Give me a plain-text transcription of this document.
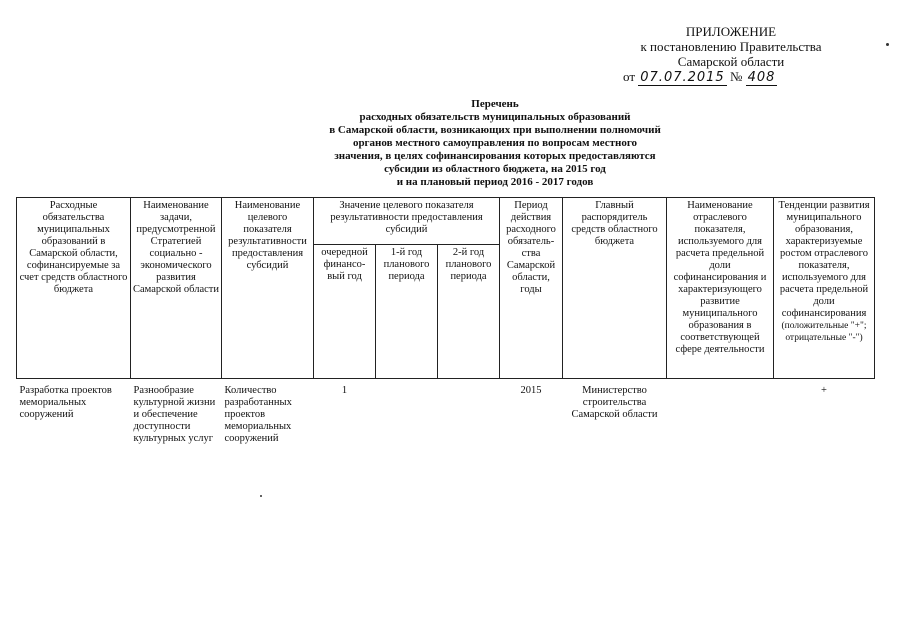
ПРИЛОЖЕНИЕ
к постановлению Правительства
Самарской области
от 07.07.2015 № 408
Перечень
расходных обязательств муниципальных образований
в Самарской области, возникающих при выполнении полномочий
органов местного самоуправления по вопросам местного
значения, в целях софинансирования которых предоставляются
субсидии из областного бюджета, на 2015 год
и на плановый период 2016 - 2017 годов
Расходные обязательства муниципальных образований в Самарской области, софинансируемые за счет средств областного бюджета	Наименование задачи, предусмотренной Стратегией социально - экономического развития Самарской области	Наименование целевого показателя результативности предоставления субсидий	Значение целевого показателя результативности предоставления субсидий			Период действия расходного обязатель-ства Самарской области, годы	Главный распорядитель средств областного бюджета	Наименование отраслевого показателя, используемого для расчета предельной доли софинансирования и характеризующего развитие муниципального образования в соответствующей сфере деятельности	Тенденции развития муниципального образования, характеризуемые ростом отраслевого показателя, используемого для расчета предельной доли софинансирования
(положительные "+"; отрицательные "-")

			очередной финансо-вый год	1-й год планового периода	2-й год планового периода				
Разработка проектов мемориальных сооружений	Разнообразие культурной жизни и обеспечение доступности культурных услуг	Количество разработанных проектов мемориальных сооружений	1			2015	Министерство строительства Самарской области		+
